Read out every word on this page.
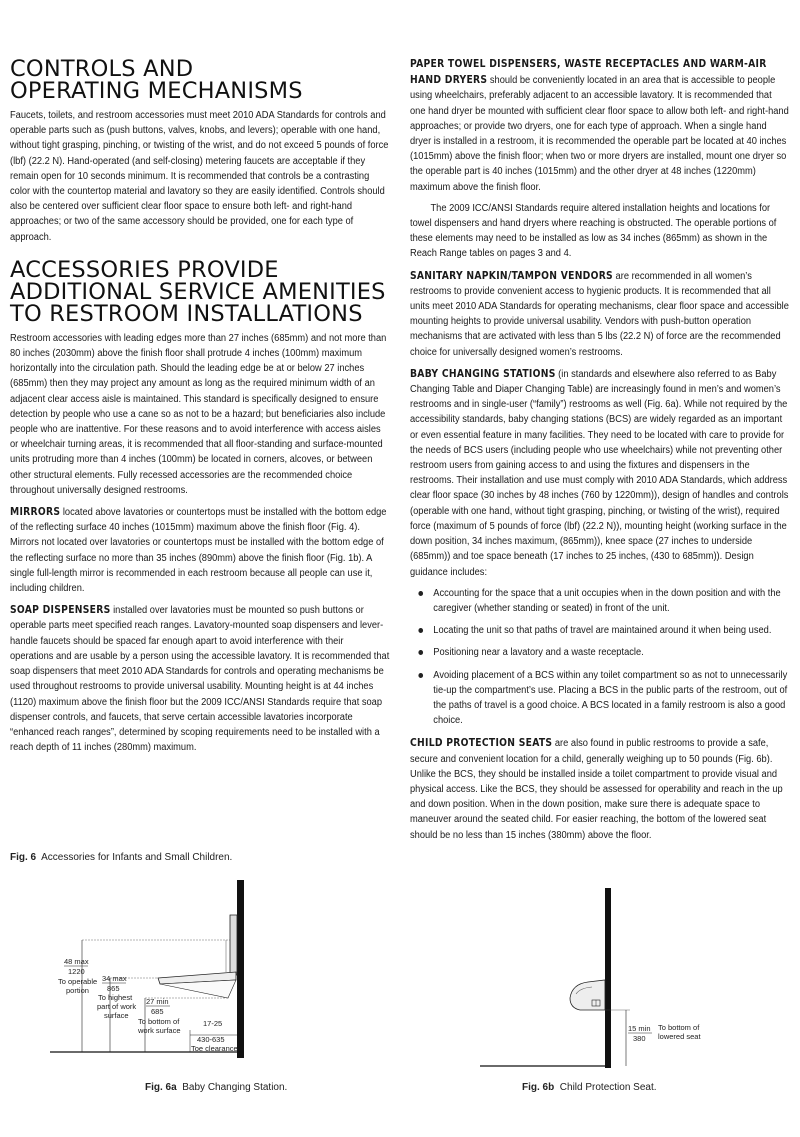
CONTROLS AND
OPERATING MECHANISMS

Faucets, toilets, and restroom accessories must meet 2010 ADA Standards for controls and operable parts such as (push buttons, valves, knobs, and levers); operable with one hand, without tight grasping, pinching, or twisting of the wrist, and do not exceed 5 pounds of force (lbf) (22.2 N). Hand-operated (and self-closing) metering faucets are acceptable if they remain open for 10 seconds minimum. It is recommended that controls be a contrasting color with the countertop material and lavatory so they are easily identified. Controls should also be centered over sufficient clear floor space to ensure both left- and right-hand approaches; or two of the same accessory should be provided, one for each type of approach.

ACCESSORIES PROVIDE
ADDITIONAL SERVICE AMENITIES
TO RESTROOM INSTALLATIONS

Restroom accessories with leading edges more than 27 inches (685mm) and not more than 80 inches (2030mm) above the finish floor shall protrude 4 inches (100mm) maximum horizontally into the circulation path. Should the leading edge be at or below 27 inches (685mm) then they may project any amount as long as the required minimum width of an adjacent clear access aisle is maintained. This standard is specifically designed to ensure detection by people who use a cane so as not to be a hazard; but beneficiaries also include people who are inattentive. For these reasons and to avoid interference with access aisles or wheelchair turning areas, it is recommended that all floor-standing and surface-mounted units protruding more than 4 inches (100mm) be located in corners, alcoves, or between other structural elements. Fully recessed accessories are the recommended choice throughout universally designed restrooms.

MIRRORS located above lavatories or countertops must be installed with the bottom edge of the reflecting surface 40 inches (1015mm) maximum above the finish floor (Fig. 4). Mirrors not located over lavatories or countertops must be installed with the bottom edge of the reflecting surface no more than 35 inches (890mm) above the finish floor (Fig. 1b). A single full-length mirror is recommended in each restroom because all people can use it, including children.

SOAP DISPENSERS installed over lavatories must be mounted so push buttons or operable parts meet specified reach ranges. Lavatory-mounted soap dispensers and lever-handle faucets should be spaced far enough apart to avoid interference with their operations and are usable by a person using the accessible lavatory. It is recommended that soap dispensers that meet 2010 ADA Standards for controls and operating mechanisms be used throughout restrooms to provide universal usability. Mounting height is at 44 inches (1120) maximum above the finish floor but the 2009 ICC/ANSI Standards require that soap dispenser controls, and faucets, that serve certain accessible lavatories incorporate “enhanced reach ranges”, determined by scoping requirements need to be installed with a reach depth of 11 inches (280mm) maximum.

PAPER TOWEL DISPENSERS, WASTE RECEPTACLES AND WARM-AIR
HAND DRYERS should be conveniently located in an area that is accessible to people using wheelchairs, preferably adjacent to an accessible lavatory. It is recommended that one hand dryer be mounted with sufficient clear floor space to allow both left- and right-hand approaches; or provide two dryers, one for each type of approach. When a single hand dryer is installed in a restroom, it is recommended the operable part be located at 40 inches (1015mm) above the finish floor; when two or more dryers are installed, mount one dryer so the operable part is 40 inches (1015mm) and the other dryer at 48 inches (1220mm) maximum above the finish floor.

The 2009 ICC/ANSI Standards require altered installation heights and locations for towel dispensers and hand dryers where reaching is obstructed. The operable portions of these elements may need to be installed as low as 34 inches (865mm) as shown in the Reach Range tables on pages 3 and 4.

SANITARY NAPKIN/TAMPON VENDORS are recommended in all women’s restrooms to provide convenient access to hygienic products. It is recommended that all units meet 2010 ADA Standards for operating mechanisms, clear floor space and accessible mounting heights to provide universal usability. Vendors with push-button operation mechanisms that are activated with less than 5 lbs (22.2 N) of force are the recommended choice for universally designed women’s restrooms.

BABY CHANGING STATIONS (in standards and elsewhere also referred to as Baby Changing Table and Diaper Changing Table) are increasingly found in men’s and women’s restrooms and in single-user (“family”) restrooms as well (Fig. 6a). While not required by the accessibility standards, baby changing stations (BCS) are widely regarded as an important or even essential feature in many facilities. They need to be located with care to provide for the needs of BCS users (including people who use wheelchairs) while not preventing other restroom users from gaining access to and using the fixtures and dispensers in the restrooms. Their installation and use must comply with 2010 ADA Standards, which address clear floor space (30 inches by 48 inches (760 by 1220mm)), design of handles and controls (operable with one hand, without tight grasping, pinching, or twisting of the wrist), required force (maximum of 5 pounds of force (lbf) (22.2 N)), mounting height (working surface in the down position, 34 inches maximum, (865mm)), knee space (27 inches to underside (685mm)) and toe space beneath (17 inches to 25 inches, (430 to 685mm)). Design guidance includes:

Accounting for the space that a unit occupies when in the down position and with the caregiver (whether standing or seated) in front of the unit.
Locating the unit so that paths of travel are maintained around it when being used.
Positioning near a lavatory and a waste receptacle.
Avoiding placement of a BCS within any toilet compartment so as not to unnecessarily tie-up the compartment’s use. Placing a BCS in the public parts of the restroom, out of the paths of travel is a good choice. A BCS located in a family restroom is also a good choice.

CHILD PROTECTION SEATS are also found in public restrooms to provide a safe, secure and convenient location for a child, generally weighing up to 50 pounds (Fig. 6b). Unlike the BCS, they should be installed inside a toilet compartment to provide visual and physical access. Like the BCS, they should be assessed for operability and reach in the up and down position. When in the down position, make sure there is adequate space to maneuver around the seated child. For easier reaching, the bottom of the lowered seat should be no less than 15 inches (380mm) above the floor.

Fig. 6 Accessories for Infants and Small Children.
48 max
1220
To operable
portion
34 max
865
To highest
part of work
surface
27 min
685
To bottom of
work surface
17-25
430-635
Toe clearance
Fig. 6a Baby Changing Station.
15 min
380
To bottom of
lowered seat
Fig. 6b Child Protection Seat.
